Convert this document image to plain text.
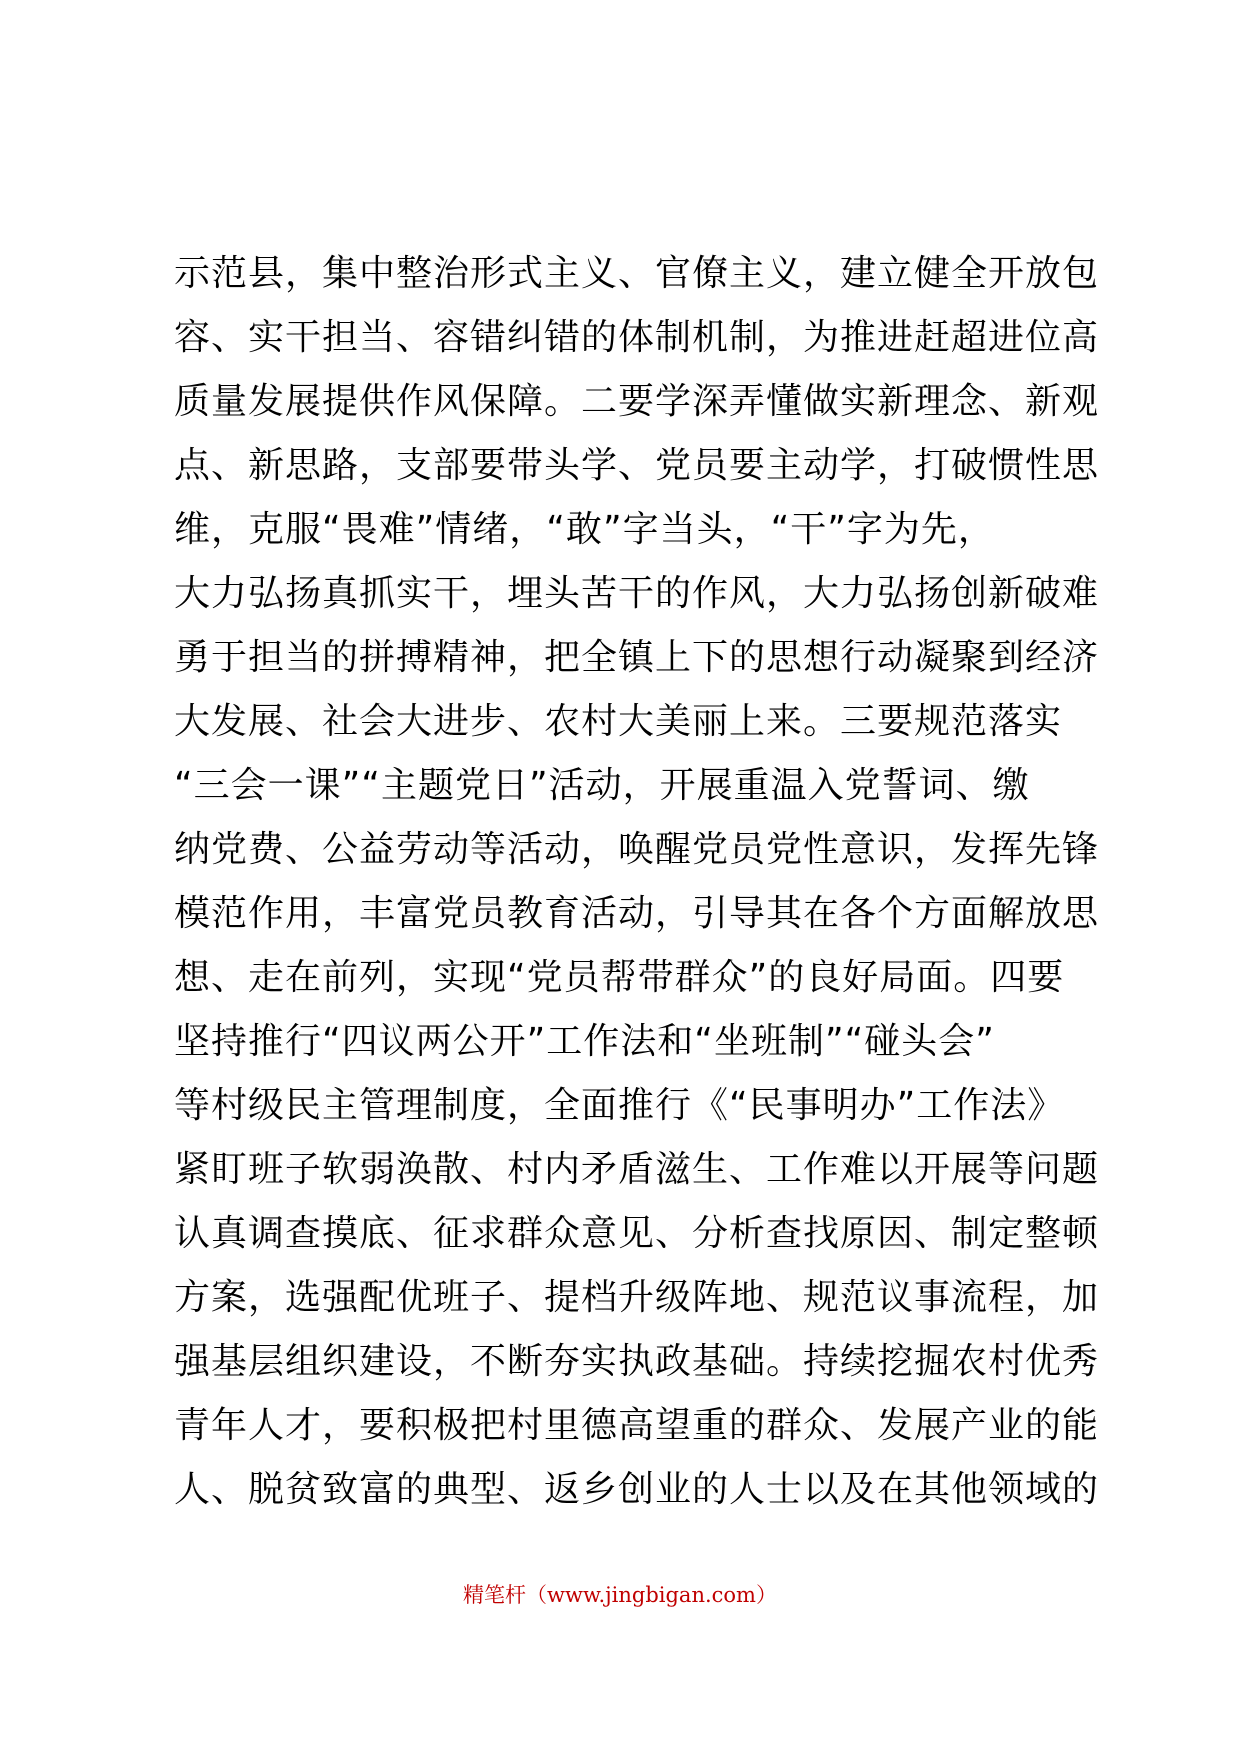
示范县，集中整治形式主义、官僚主义，建立健全开放包
容、实干担当、容错纠错的体制机制，为推进赶超进位高
质量发展提供作风保障。二要学深弄懂做实新理念、新观
点、新思路，支部要带头学、党员要主动学，打破惯性思
维，克服“畏难”情绪，“敢”字当头，“干”字为先，
大力弘扬真抓实干，埋头苦干的作风，大力弘扬创新破难
勇于担当的拼搏精神，把全镇上下的思想行动凝聚到经济
大发展、社会大进步、农村大美丽上来。三要规范落实
“三会一课”“主题党日”活动，开展重温入党誓词、缴
纳党费、公益劳动等活动，唤醒党员党性意识，发挥先锋
模范作用，丰富党员教育活动，引导其在各个方面解放思
想、走在前列，实现“党员帮带群众”的良好局面。四要
坚持推行“四议两公开”工作法和“坐班制”“碰头会”
等村级民主管理制度，全面推行《“民事明办”工作法》
紧盯班子软弱涣散、村内矛盾滋生、工作难以开展等问题
认真调查摸底、征求群众意见、分析查找原因、制定整顿
方案，选强配优班子、提档升级阵地、规范议事流程，加
强基层组织建设，不断夯实执政基础。持续挖掘农村优秀
青年人才，要积极把村里德高望重的群众、发展产业的能
人、脱贫致富的典型、返乡创业的人士以及在其他领域的
精笔杆（www.jingbigan.com）
